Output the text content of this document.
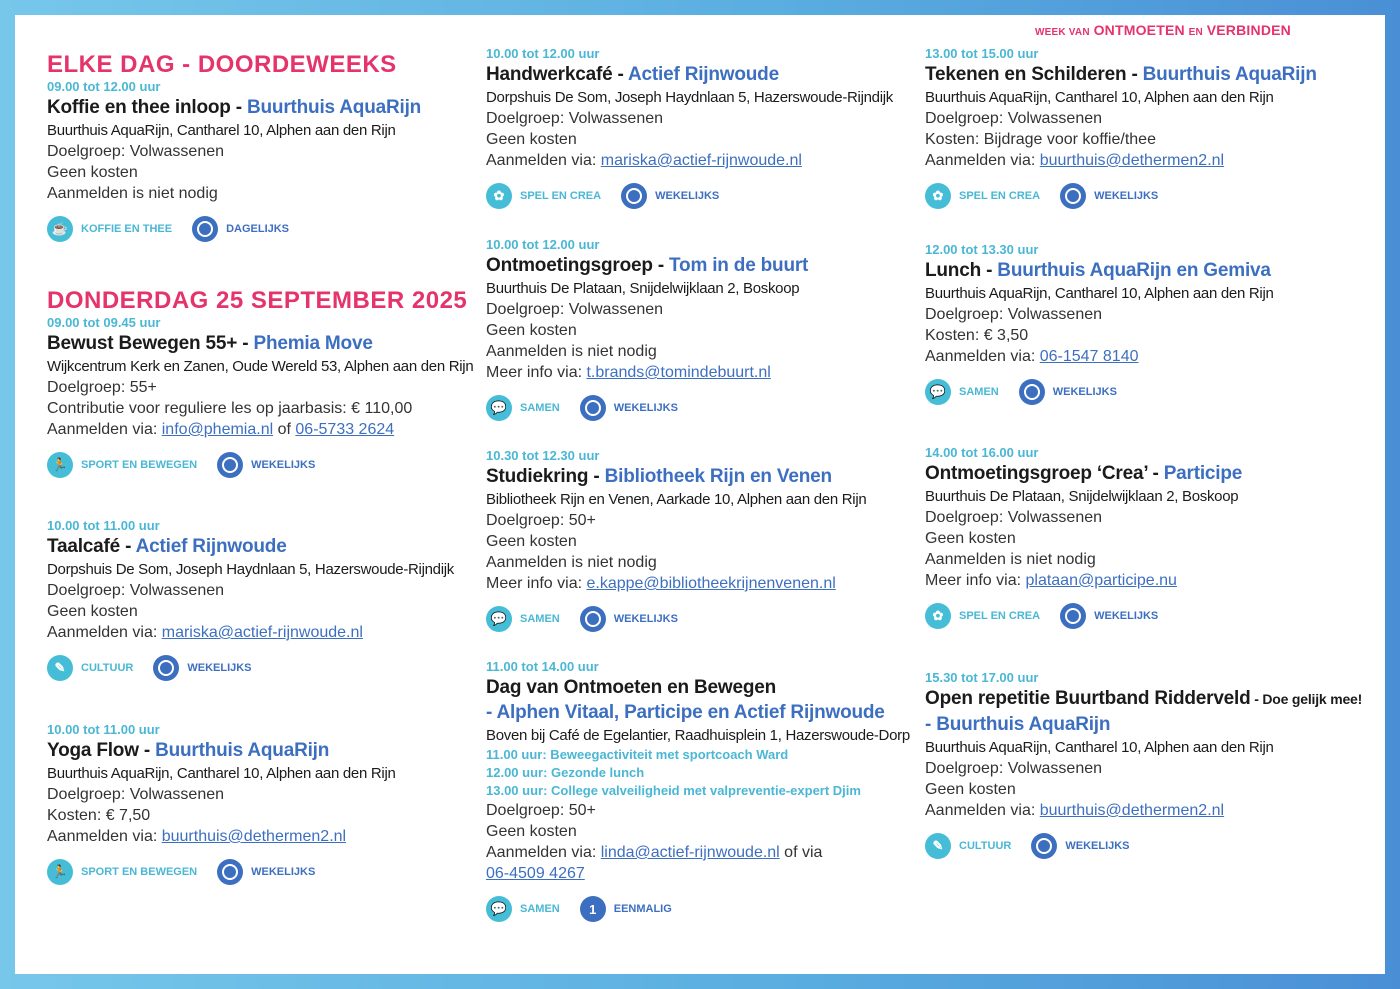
WEEK VAN ONTMOETEN EN VERBINDEN
ELKE DAG - DOORDEWEEKS
09.00 tot 12.00 uur
Koffie en thee inloop - Buurthuis AquaRijn
Buurthuis AquaRijn, Cantharel 10, Alphen aan den Rijn
Doelgroep: Volwassenen
Geen kosten
Aanmelden is niet nodig
☕	KOFFIE EN THEE	DAGELIJKS
DONDERDAG 25 SEPTEMBER 2025
09.00 tot 09.45 uur
Bewust Bewegen 55+ - Phemia Move
Wijkcentrum Kerk en Zanen, Oude Wereld 53, Alphen aan den Rijn
Doelgroep: 55+
Contributie voor reguliere les op jaarbasis: € 110,00
Aanmelden via: info@phemia.nl of 06-5733 2624
🏃	SPORT EN BEWEGEN	WEKELIJKS
10.00 tot 11.00 uur
Taalcafé - Actief Rijnwoude
Dorpshuis De Som, Joseph Haydnlaan 5, Hazerswoude-Rijndijk
Doelgroep: Volwassenen
Geen kosten
Aanmelden via: mariska@actief-rijnwoude.nl
✎	CULTUUR	WEKELIJKS
10.00 tot 11.00 uur
Yoga Flow - Buurthuis AquaRijn
Buurthuis AquaRijn, Cantharel 10, Alphen aan den Rijn
Doelgroep: Volwassenen
Kosten: € 7,50
Aanmelden via: buurthuis@dethermen2.nl
🏃	SPORT EN BEWEGEN	WEKELIJKS
10.00 tot 12.00 uur
Handwerkcafé - Actief Rijnwoude
Dorpshuis De Som, Joseph Haydnlaan 5, Hazerswoude-Rijndijk
Doelgroep: Volwassenen
Geen kosten
Aanmelden via: mariska@actief-rijnwoude.nl
✿	SPEL EN CREA	WEKELIJKS
10.00 tot 12.00 uur
Ontmoetingsgroep - Tom in de buurt
Buurthuis De Plataan, Snijdelwijklaan 2, Boskoop
Doelgroep: Volwassenen
Geen kosten
Aanmelden is niet nodig
Meer info via: t.brands@tomindebuurt.nl
💬	SAMEN	WEKELIJKS
10.30 tot 12.30 uur
Studiekring - Bibliotheek Rijn en Venen
Bibliotheek Rijn en Venen, Aarkade 10, Alphen aan den Rijn
Doelgroep: 50+
Geen kosten
Aanmelden is niet nodig
Meer info via: e.kappe@bibliotheekrijnenvenen.nl
💬	SAMEN	WEKELIJKS
11.00 tot 14.00 uur
Dag van Ontmoeten en Bewegen
- Alphen Vitaal, Participe en Actief Rijnwoude
Boven bij Café de Egelantier, Raadhuisplein 1, Hazerswoude-Dorp
11.00 uur: Beweegactiviteit met sportcoach Ward
12.00 uur: Gezonde lunch
13.00 uur: College valveiligheid met valpreventie-expert Djim
Doelgroep: 50+
Geen kosten
Aanmelden via: linda@actief-rijnwoude.nl of via
06-4509 4267
💬	SAMEN	1	EENMALIG
13.00 tot 15.00 uur
Tekenen en Schilderen - Buurthuis AquaRijn
Buurthuis AquaRijn, Cantharel 10, Alphen aan den Rijn
Doelgroep: Volwassenen
Kosten: Bijdrage voor koffie/thee
Aanmelden via: buurthuis@dethermen2.nl
✿	SPEL EN CREA	WEKELIJKS
12.00 tot 13.30 uur
Lunch - Buurthuis AquaRijn en Gemiva
Buurthuis AquaRijn, Cantharel 10, Alphen aan den Rijn
Doelgroep: Volwassenen
Kosten: € 3,50
Aanmelden via: 06-1547 8140
💬	SAMEN	WEKELIJKS
14.00 tot 16.00 uur
Ontmoetingsgroep ‘Crea’ - Participe
Buurthuis De Plataan, Snijdelwijklaan 2, Boskoop
Doelgroep: Volwassenen
Geen kosten
Aanmelden is niet nodig
Meer info via: plataan@participe.nu
✿	SPEL EN CREA	WEKELIJKS
15.30 tot 17.00 uur
Open repetitie Buurtband Ridderveld - Doe gelijk mee!
- Buurthuis AquaRijn
Buurthuis AquaRijn, Cantharel 10, Alphen aan den Rijn
Doelgroep: Volwassenen
Geen kosten
Aanmelden via: buurthuis@dethermen2.nl
✎	CULTUUR	WEKELIJKS
